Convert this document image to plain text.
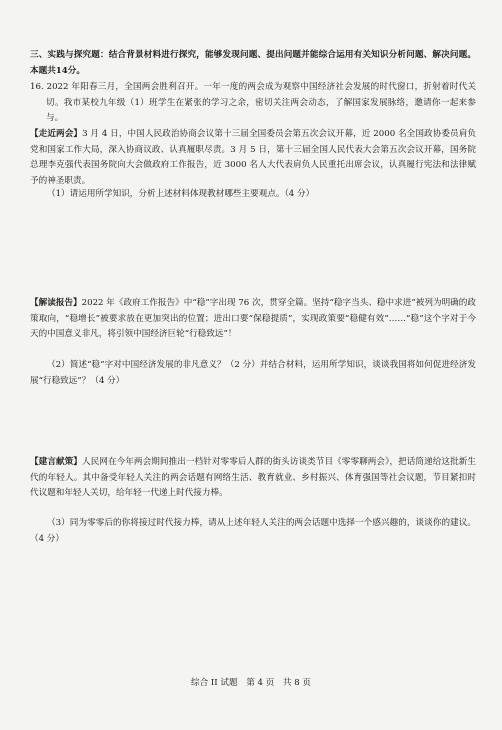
三、实践与探究题：结合背景材料进行探究，能够发现问题、提出问题并能综合运用有关知识分析问题、解决问题。本题共14分。

16. 2022 年阳春三月，全国两会胜利召开。一年一度的两会成为观察中国经济社会发展的时代窗口，折射着时代关切。我市某校九年级（1）班学生在紧张的学习之余，密切关注两会动态，了解国家发展脉络，邀请你一起来参与。

【走近两会】3 月 4 日，中国人民政治协商会议第十三届全国委员会第五次会议开幕，近 2000 名全国政协委员肩负党和国家工作大局，深入协商议政、认真履职尽责。3 月 5 日，第十三届全国人民代表大会第五次会议开幕，国务院总理李克强代表国务院向大会做政府工作报告，近 3000 名人大代表肩负人民重托出席会议，认真履行宪法和法律赋予的神圣职责。

（1）请运用所学知识，分析上述材料体现教材哪些主要观点。（4 分）

【解读报告】2022 年《政府工作报告》中“稳”字出现 76 次，贯穿全篇。坚持“稳字当头、稳中求进”被列为明确的政策取向，“稳增长”被要求放在更加突出的位置；进出口要“保稳提质”，实现政策要“稳健有效”……“稳”这个字对于今天的中国意义非凡，将引领中国经济巨轮“行稳致远”！

（2）简述“稳”字对中国经济发展的非凡意义？（2 分）并结合材料，运用所学知识，谈谈我国将如何促进经济发展“行稳致远”？（4 分）

【建言献策】人民网在今年两会期间推出一档针对零零后人群的街头访谈类节目《零零聊两会》，把话筒递给这批新生代的年轻人。其中备受年轻人关注的两会话题有网络生活、教育就业、乡村振兴、体育强国等社会议题，节目紧扣时代议题和年轻人关切，给年轻一代递上时代接力棒。

（3）同为零零后的你将接过时代接力棒，请从上述年轻人关注的两会话题中选择一个感兴趣的，谈谈你的建议。（4 分）

综合 II 试题　第 4 页　共 8 页
